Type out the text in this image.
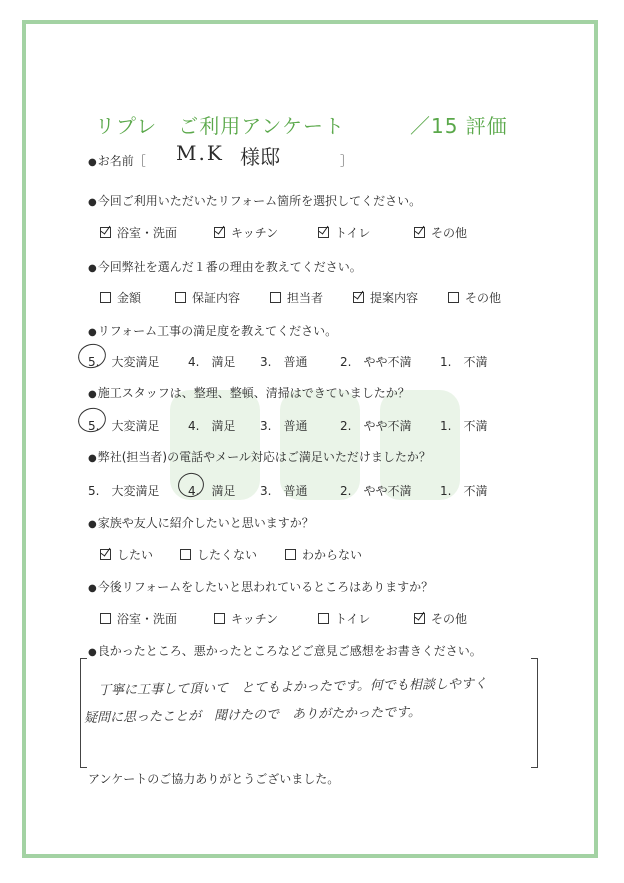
リプレ　ご利用アンケート	／15 評価
● お名前［ M.K 様邸	］
● 今回ご利用いただいたリフォーム箇所を選択してください。
浴室・洗面	キッチン	トイレ	その他
● 今回弊社を選んだ１番の理由を教えてください。
金額	保証内容	担当者	提案内容	その他
● リフォーム工事の満足度を教えてください。
5.　大変満足 4.　満足 3.　普通	2.　やや不満 1.　不満
● 施工スタッフは、整理、整頓、清掃はできていましたか？
5.　大変満足 4.　満足 3.　普通	2.　やや不満 1.　不満
● 弊社(担当者)の電話やメール対応はご満足いただけましたか？
5.　大変満足 4.　満足 3.　普通	2.　やや不満 1.　不満
● 家族や友人に紹介したいと思いますか？
したい	したくない	わからない
● 今後リフォームをしたいと思われているところはありますか？
浴室・洗面	キッチン	トイレ	その他
● 良かったところ、悪かったところなどご意見ご感想をお書きください。
丁寧に工事して頂いて　とてもよかったです。何でも相談しやすく
疑問に思ったことが　聞けたので　ありがたかったです。
アンケートのご協力ありがとうございました。
